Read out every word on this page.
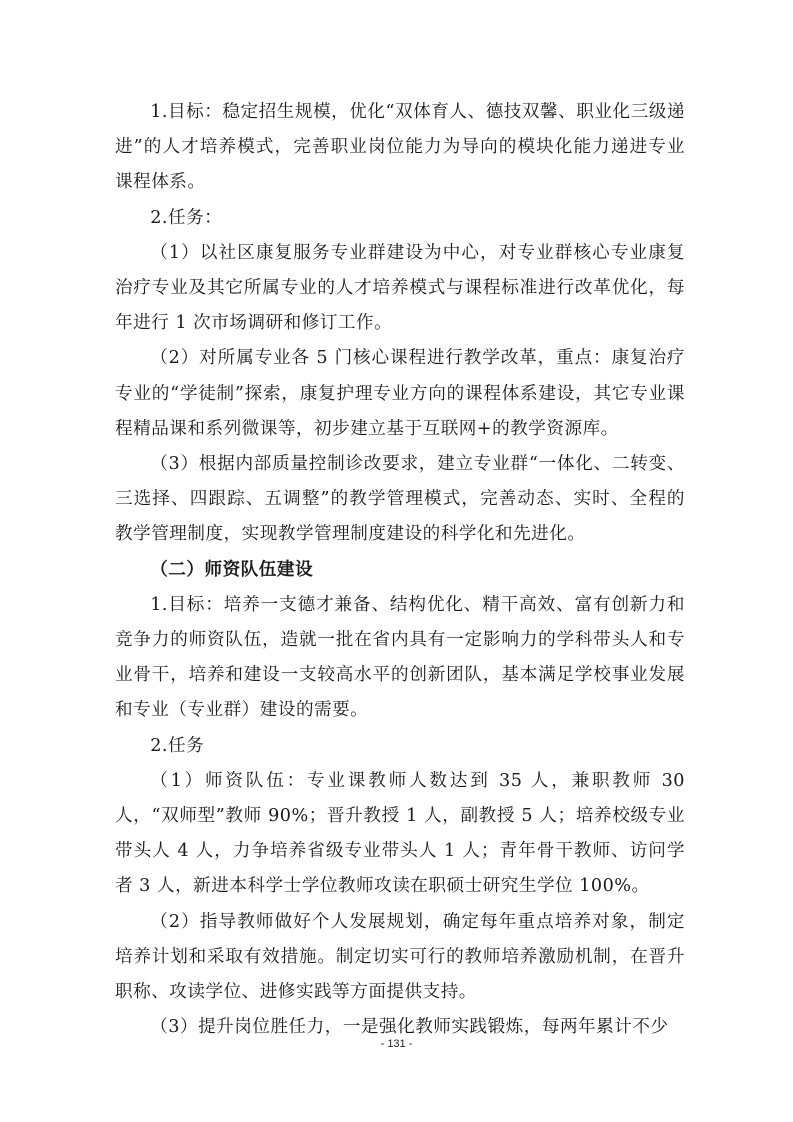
1.目标：稳定招生规模，优化“双体育人、德技双馨、职业化三级递进”的人才培养模式，完善职业岗位能力为导向的模块化能力递进专业课程体系。

2.任务：

（1）以社区康复服务专业群建设为中心，对专业群核心专业康复治疗专业及其它所属专业的人才培养模式与课程标准进行改革优化，每年进行 1 次市场调研和修订工作。

（2）对所属专业各 5 门核心课程进行教学改革，重点：康复治疗专业的“学徒制”探索，康复护理专业方向的课程体系建设，其它专业课程精品课和系列微课等，初步建立基于互联网+的教学资源库。

（3）根据内部质量控制诊改要求，建立专业群“一体化、二转变、三选择、四跟踪、五调整”的教学管理模式，完善动态、实时、全程的教学管理制度，实现教学管理制度建设的科学化和先进化。

（二）师资队伍建设

1.目标：培养一支德才兼备、结构优化、精干高效、富有创新力和竞争力的师资队伍，造就一批在省内具有一定影响力的学科带头人和专业骨干，培养和建设一支较高水平的创新团队，基本满足学校事业发展和专业（专业群）建设的需要。

2.任务

（1）师资队伍：专业课教师人数达到 35 人，兼职教师 30 人，“双师型”教师 90%；晋升教授 1 人，副教授 5 人；培养校级专业带头人 4 人，力争培养省级专业带头人 1 人；青年骨干教师、访问学者 3 人，新进本科学士学位教师攻读在职硕士研究生学位 100%。

（2）指导教师做好个人发展规划，确定每年重点培养对象，制定培养计划和采取有效措施。制定切实可行的教师培养激励机制，在晋升职称、攻读学位、进修实践等方面提供支持。

（3）提升岗位胜任力，一是强化教师实践锻炼，每两年累计不少

- 131 -
